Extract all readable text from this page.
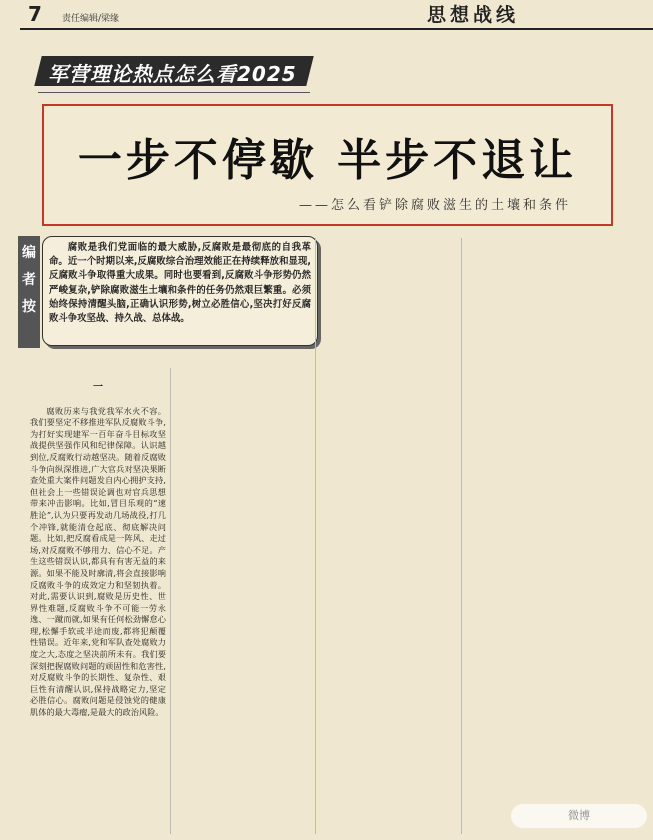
7 责任编辑/梁缘	思想战线
军营理论热点怎么看2025
一步不停歇 半步不退让
——怎么看铲除腐败滋生的土壤和条件
编者按
腐败是我们党面临的最大威胁,反腐败是最彻底的自我革命。近一个时期以来,反腐败综合治理效能正在持续释放和显现,反腐败斗争取得重大成果。同时也要看到,反腐败斗争形势仍然严峻复杂,铲除腐败滋生土壤和条件的任务仍然艰巨繁重。必须始终保持清醒头脑,正确认识形势,树立必胜信心,坚决打好反腐败斗争攻坚战、持久战、总体战。
一

腐败历来与我党我军水火不容。我们要坚定不移推进军队反腐败斗争,为打好实现建军一百年奋斗目标攻坚战提供坚强作风和纪律保障。认识越到位,反腐败行动越坚决。随着反腐败斗争向纵深推进,广大官兵对坚决果断查处重大案件问题发自内心拥护支持,但社会上一些错误论调也对官兵思想带来冲击影响。比如,冒目乐观的“速胜论”,认为只要再发动几场战役,打几个冲锋,就能清仓起底、彻底解决问题。比如,把反腐看成是一阵风、走过场,对反腐败不够用力、信心不足。产生这些错误认识,都具有有害无益的来源。如果不能及时廓清,将会直接影响反腐败斗争的成效定力和坚韧执着。对此,需要认识到,腐败是历史性、世界性难题,反腐败斗争不可能一劳永逸、一蹴而就,如果有任何松劲懈怠心理,松懈手软或半途而废,都将犯颠覆性错误。近年来,党和军队查处腐败力度之大,态度之坚决前所未有。我们要深刻把握腐败问题的顽固性和危害性,对反腐败斗争的长期性、复杂性、艰巨性有清醒认识,保持战略定力,坚定必胜信心。腐败问题是侵蚀党的健康肌体的最大毒瘤,是最大的政治风险。

微博
